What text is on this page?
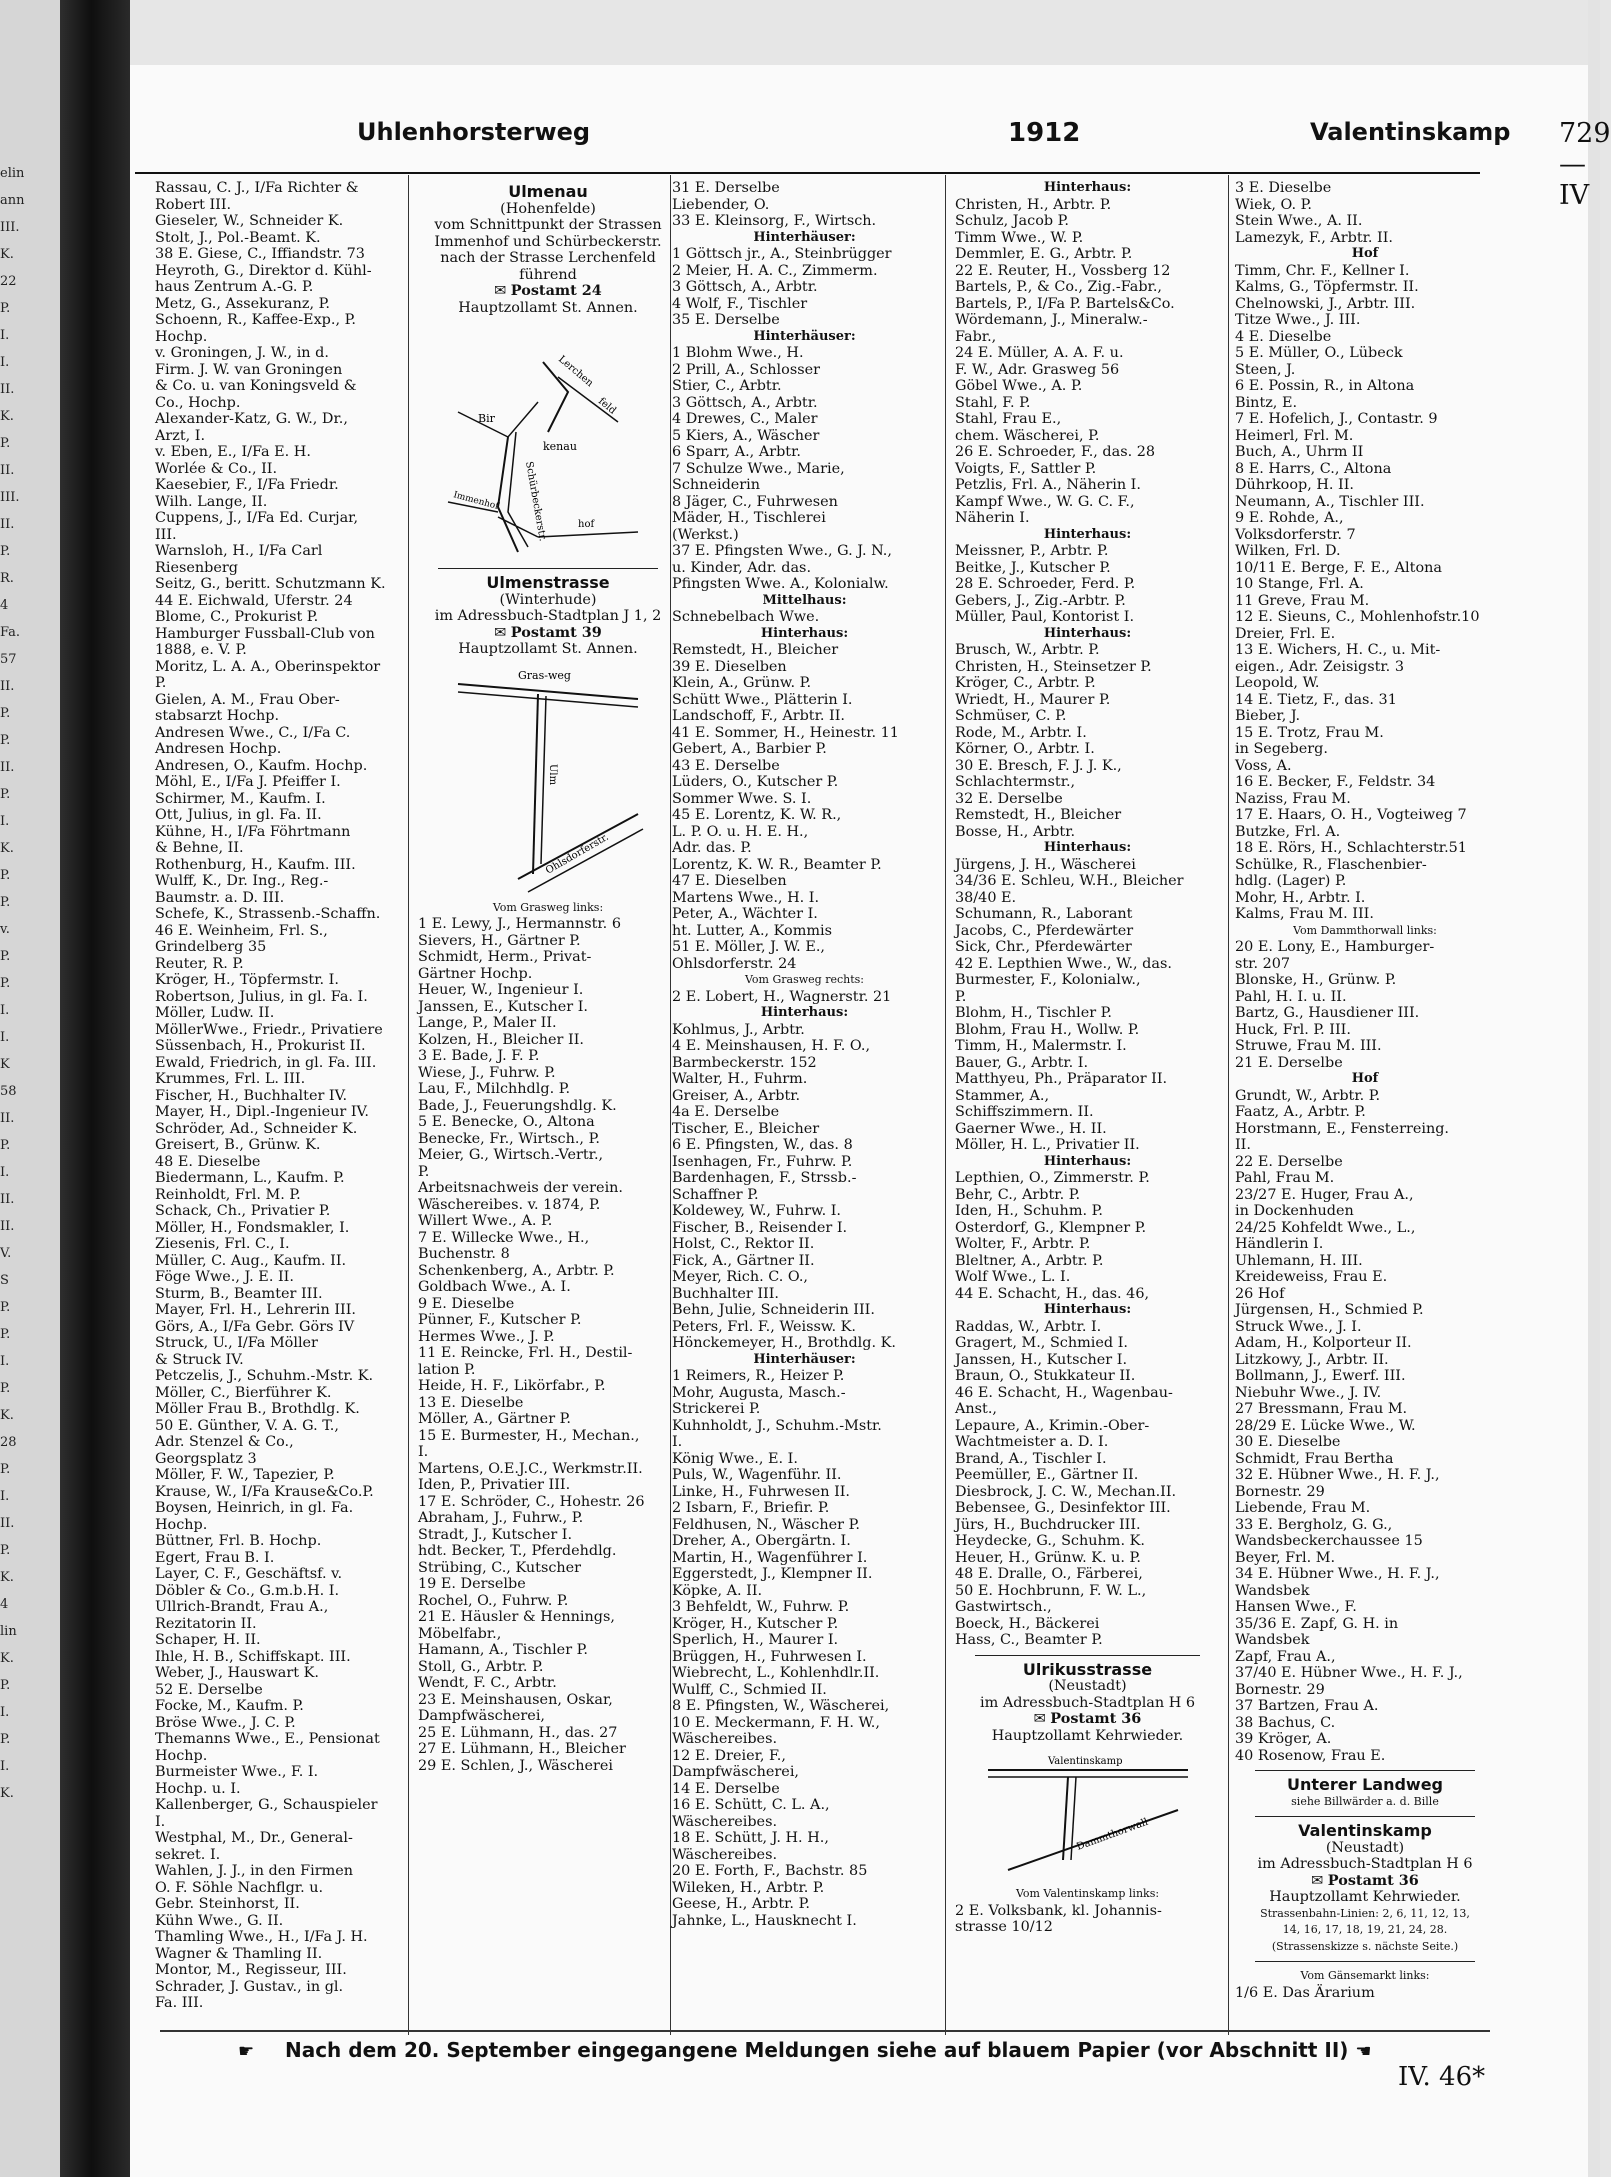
elin
ann
III.
K.
22
P.
I.
I.
II.
K.
P.
II.
III.
II.
P.
R.
4
Fa.
57
II.
P.
P.
II.
P.
I.
K.
P.
P.
v.
P.
P.
I.
I.
K
58
II.
P.
I.
II.
II.
V.
S
P.
P.
I.
P.
K.
28
P.
I.
II.
P.
K.
4
lin
K.
P.
I.
P.
I.
K.
Uhlenhorsterweg	1912	Valentinskamp 729—IV
Rassau, C. J., I/Fa Richter &
Robert III.
Gieseler, W., Schneider K.
Stolt, J., Pol.-Beamt. K.
38 E. Giese, C., Iffiandstr. 73
Heyroth, G., Direktor d. Kühl-
haus Zentrum A.-G. P.
Metz, G., Assekuranz, P.
Schoenn, R., Kaffee-Exp., P.
Hochp.
v. Groningen, J. W., in d.
Firm. J. W. van Groningen
& Co. u. van Koningsveld &
Co., Hochp.
Alexander-Katz, G. W., Dr.,
Arzt, I.
v. Eben, E., I/Fa E. H.
Worlée & Co., II.
Kaesebier, F., I/Fa Friedr.
Wilh. Lange, II.
Cuppens, J., I/Fa Ed. Curjar,
III.
Warnsloh, H., I/Fa Carl
Riesenberg
Seitz, G., beritt. Schutzmann K.
44 E. Eichwald, Uferstr. 24
Blome, C., Prokurist P.
Hamburger Fussball-Club von
1888, e. V. P.
Moritz, L. A. A., Oberinspektor
P.
Gielen, A. M., Frau Ober-
stabsarzt Hochp.
Andresen Wwe., C., I/Fa C.
Andresen Hochp.
Andresen, O., Kaufm. Hochp.
Möhl, E., I/Fa J. Pfeiffer I.
Schirmer, M., Kaufm. I.
Ott, Julius, in gl. Fa. II.
Kühne, H., I/Fa Föhrtmann
& Behne, II.
Rothenburg, H., Kaufm. III.
Wulff, K., Dr. Ing., Reg.-
Baumstr. a. D. III.
Schefe, K., Strassenb.-Schaffn.
46 E. Weinheim, Frl. S.,
Grindelberg 35
Reuter, R. P.
Kröger, H., Töpfermstr. I.
Robertson, Julius, in gl. Fa. I.
Möller, Ludw. II.
MöllerWwe., Friedr., Privatiere
Süssenbach, H., Prokurist II.
Ewald, Friedrich, in gl. Fa. III.
Krummes, Frl. L. III.
Fischer, H., Buchhalter IV.
Mayer, H., Dipl.-Ingenieur IV.
Schröder, Ad., Schneider K.
Greisert, B., Grünw. K.
48 E. Dieselbe
Biedermann, L., Kaufm. P.
Reinholdt, Frl. M. P.
Schack, Ch., Privatier P.
Möller, H., Fondsmakler, I.
Ziesenis, Frl. C., I.
Müller, C. Aug., Kaufm. II.
Föge Wwe., J. E. II.
Sturm, B., Beamter III.
Mayer, Frl. H., Lehrerin III.
Görs, A., I/Fa Gebr. Görs IV
Struck, U., I/Fa Möller
& Struck IV.
Petczelis, J., Schuhm.-Mstr. K.
Möller, C., Bierführer K.
Möller Frau B., Brothdlg. K.
50 E. Günther, V. A. G. T.,
Adr. Stenzel & Co.,
Georgsplatz 3
Möller, F. W., Tapezier, P.
Krause, W., I/Fa Krause&Co.P.
Boysen, Heinrich, in gl. Fa.
Hochp.
Büttner, Frl. B. Hochp.
Egert, Frau B. I.
Layer, C. F., Geschäftsf. v.
Döbler & Co., G.m.b.H. I.
Ullrich-Brandt, Frau A.,
Rezitatorin II.
Schaper, H. II.
Ihle, H. B., Schiffskapt. III.
Weber, J., Hauswart K.
52 E. Derselbe
Focke, M., Kaufm. P.
Bröse Wwe., J. C. P.
Themanns Wwe., E., Pensionat
Hochp.
Burmeister Wwe., F. I.
Hochp. u. I.
Kallenberger, G., Schauspieler
I.
Westphal, M., Dr., General-
sekret. I.
Wahlen, J. J., in den Firmen
O. F. Söhle Nachflgr. u.
Gebr. Steinhorst, II.
Kühn Wwe., G. II.
Thamling Wwe., H., I/Fa J. H.
Wagner & Thamling II.
Montor, M., Regisseur, III.
Schrader, J. Gustav., in gl.
Fa. III.
Ulmenau
(Hohenfelde)
vom Schnittpunkt der Strassen
Immenhof und Schürbeckerstr.
nach der Strasse Lerchenfeld
führend
✉ Postamt 24
Hauptzollamt St. Annen.
Lerchen
feld
Bir
kenau
Schürbeckerstr.
Immenhof
hof
Ulmenstrasse
(Winterhude)
im Adressbuch-Stadtplan J 1, 2
✉ Postamt 39
Hauptzollamt St. Annen.
Gras-weg
Ulm
Ohlsdorferstr.
Vom Grasweg links:
1 E. Lewy, J., Hermannstr. 6
Sievers, H., Gärtner P.
Schmidt, Herm., Privat-
Gärtner Hochp.
Heuer, W., Ingenieur I.
Janssen, E., Kutscher I.
Lange, P., Maler II.
Kolzen, H., Bleicher II.
3 E. Bade, J. F. P.
Wiese, J., Fuhrw. P.
Lau, F., Milchhdlg. P.
Bade, J., Feuerungshdlg. K.
5 E. Benecke, O., Altona
Benecke, Fr., Wirtsch., P.
Meier, G., Wirtsch.-Vertr.,
P.
Arbeitsnachweis der verein.
Wäschereibes. v. 1874, P.
Willert Wwe., A. P.
7 E. Willecke Wwe., H.,
Buchenstr. 8
Schenkenberg, A., Arbtr. P.
Goldbach Wwe., A. I.
9 E. Dieselbe
Pünner, F., Kutscher P.
Hermes Wwe., J. P.
11 E. Reincke, Frl. H., Destil-
lation P.
Heide, H. F., Likörfabr., P.
13 E. Dieselbe
Möller, A., Gärtner P.
15 E. Burmester, H., Mechan.,
I.
Martens, O.E.J.C., Werkmstr.II.
Iden, P., Privatier III.
17 E. Schröder, C., Hohestr. 26
Abraham, J., Fuhrw., P.
Stradt, J., Kutscher I.
hdt. Becker, T., Pferdehdlg.
Strübing, C., Kutscher
19 E. Derselbe
Rochel, O., Fuhrw. P.
21 E. Häusler & Hennings,
Möbelfabr.,
Hamann, A., Tischler P.
Stoll, G., Arbtr. P.
Wendt, F. C., Arbtr.
23 E. Meinshausen, Oskar,
Dampfwäscherei,
25 E. Lühmann, H., das. 27
27 E. Lühmann, H., Bleicher
29 E. Schlen, J., Wäscherei
31 E. Derselbe
Liebender, O.
33 E. Kleinsorg, F., Wirtsch.
Hinterhäuser:
1 Göttsch jr., A., Steinbrügger
2 Meier, H. A. C., Zimmerm.
3 Göttsch, A., Arbtr.
4 Wolf, F., Tischler
35 E. Derselbe
Hinterhäuser:
1 Blohm Wwe., H.
2 Prill, A., Schlosser
Stier, C., Arbtr.
3 Göttsch, A., Arbtr.
4 Drewes, C., Maler
5 Kiers, A., Wäscher
6 Sparr, A., Arbtr.
7 Schulze Wwe., Marie,
Schneiderin
8 Jäger, C., Fuhrwesen
Mäder, H., Tischlerei
(Werkst.)
37 E. Pfingsten Wwe., G. J. N.,
u. Kinder, Adr. das.
Pfingsten Wwe. A., Kolonialw.
Mittelhaus:
Schnebelbach Wwe.
Hinterhaus:
Remstedt, H., Bleicher
39 E. Dieselben
Klein, A., Grünw. P.
Schütt Wwe., Plätterin I.
Landschoff, F., Arbtr. II.
41 E. Sommer, H., Heinestr. 11
Gebert, A., Barbier P.
43 E. Derselbe
Lüders, O., Kutscher P.
Sommer Wwe. S. I.
45 E. Lorentz, K. W. R.,
L. P. O. u. H. E. H.,
Adr. das. P.
Lorentz, K. W. R., Beamter P.
47 E. Dieselben
Martens Wwe., H. I.
Peter, A., Wächter I.
ht. Lutter, A., Kommis
51 E. Möller, J. W. E.,
Ohlsdorferstr. 24
Vom Grasweg rechts:
2 E. Lobert, H., Wagnerstr. 21
Hinterhaus:
Kohlmus, J., Arbtr.
4 E. Meinshausen, H. F. O.,
Barmbeckerstr. 152
Walter, H., Fuhrm.
Greiser, A., Arbtr.
4a E. Derselbe
Tischer, E., Bleicher
6 E. Pfingsten, W., das. 8
Isenhagen, Fr., Fuhrw. P.
Bardenhagen, F., Strssb.-
Schaffner P.
Koldewey, W., Fuhrw. I.
Fischer, B., Reisender I.
Holst, C., Rektor II.
Fick, A., Gärtner II.
Meyer, Rich. C. O.,
Buchhalter III.
Behn, Julie, Schneiderin III.
Peters, Frl. F., Weissw. K.
Hönckemeyer, H., Brothdlg. K.
Hinterhäuser:
1 Reimers, R., Heizer P.
Mohr, Augusta, Masch.-
Strickerei P.
Kuhnholdt, J., Schuhm.-Mstr.
I.
König Wwe., E. I.
Puls, W., Wagenführ. II.
Linke, H., Fuhrwesen II.
2 Isbarn, F., Briefir. P.
Feldhusen, N., Wäscher P.
Dreher, A., Obergärtn. I.
Martin, H., Wagenführer I.
Eggerstedt, J., Klempner II.
Köpke, A. II.
3 Behfeldt, W., Fuhrw. P.
Kröger, H., Kutscher P.
Sperlich, H., Maurer I.
Brüggen, H., Fuhrwesen I.
Wiebrecht, L., Kohlenhdlr.II.
Wulff, C., Schmied II.
8 E. Pfingsten, W., Wäscherei,
10 E. Meckermann, F. H. W.,
Wäschereibes.
12 E. Dreier, F.,
Dampfwäscherei,
14 E. Derselbe
16 E. Schütt, C. L. A.,
Wäschereibes.
18 E. Schütt, J. H. H.,
Wäschereibes.
20 E. Forth, F., Bachstr. 85
Wileken, H., Arbtr. P.
Geese, H., Arbtr. P.
Jahnke, L., Hausknecht I.
Hinterhaus:
Christen, H., Arbtr. P.
Schulz, Jacob P.
Timm Wwe., W. P.
Demmler, E. G., Arbtr. P.
22 E. Reuter, H., Vossberg 12
Bartels, P., & Co., Zig.-Fabr.,
Bartels, P., I/Fa P. Bartels&Co.
Wördemann, J., Mineralw.-
Fabr.,
24 E. Müller, A. A. F. u.
F. W., Adr. Grasweg 56
Göbel Wwe., A. P.
Stahl, F. P.
Stahl, Frau E.,
chem. Wäscherei, P.
26 E. Schroeder, F., das. 28
Voigts, F., Sattler P.
Petzlis, Frl. A., Näherin I.
Kampf Wwe., W. G. C. F.,
Näherin I.
Hinterhaus:
Meissner, P., Arbtr. P.
Beitke, J., Kutscher P.
28 E. Schroeder, Ferd. P.
Gebers, J., Zig.-Arbtr. P.
Müller, Paul, Kontorist I.
Hinterhaus:
Brusch, W., Arbtr. P.
Christen, H., Steinsetzer P.
Kröger, C., Arbtr. P.
Wriedt, H., Maurer P.
Schmüser, C. P.
Rode, M., Arbtr. I.
Körner, O., Arbtr. I.
30 E. Bresch, F. J. J. K.,
Schlachtermstr.,
32 E. Derselbe
Remstedt, H., Bleicher
Bosse, H., Arbtr.
Hinterhaus:
Jürgens, J. H., Wäscherei
34/36 E. Schleu, W.H., Bleicher
38/40 E.
Schumann, R., Laborant
Jacobs, C., Pferdewärter
Sick, Chr., Pferdewärter
42 E. Lepthien Wwe., W., das.
Burmester, F., Kolonialw.,
P.
Blohm, H., Tischler P.
Blohm, Frau H., Wollw. P.
Timm, H., Malermstr. I.
Bauer, G., Arbtr. I.
Matthyeu, Ph., Präparator II.
Stammer, A.,
Schiffszimmern. II.
Gaerner Wwe., H. II.
Möller, H. L., Privatier II.
Hinterhaus:
Lepthien, O., Zimmerstr. P.
Behr, C., Arbtr. P.
Iden, H., Schuhm. P.
Osterdorf, G., Klempner P.
Wolter, F., Arbtr. P.
Bleltner, A., Arbtr. P.
Wolf Wwe., L. I.
44 E. Schacht, H., das. 46,
Hinterhaus:
Raddas, W., Arbtr. I.
Gragert, M., Schmied I.
Janssen, H., Kutscher I.
Braun, O., Stukkateur II.
46 E. Schacht, H., Wagenbau-
Anst.,
Lepaure, A., Krimin.-Ober-
Wachtmeister a. D. I.
Brand, A., Tischler I.
Peemüller, E., Gärtner II.
Diesbrock, J. C. W., Mechan.II.
Bebensee, G., Desinfektor III.
Jürs, H., Buchdrucker III.
Heydecke, G., Schuhm. K.
Heuer, H., Grünw. K. u. P.
48 E. Dralle, O., Färberei,
50 E. Hochbrunn, F. W. L.,
Gastwirtsch.,
Boeck, H., Bäckerei
Hass, C., Beamter P.
Ulrikusstrasse
(Neustadt)
im Adressbuch-Stadtplan H 6
✉ Postamt 36
Hauptzollamt Kehrwieder.
Valentinskamp
Dammthorwall
Vom Valentinskamp links:
2 E. Volksbank, kl. Johannis-
strasse 10/12
3 E. Dieselbe
Wiek, O. P.
Stein Wwe., A. II.
Lamezyk, F., Arbtr. II.
Hof
Timm, Chr. F., Kellner I.
Kalms, G., Töpfermstr. II.
Chelnowski, J., Arbtr. III.
Titze Wwe., J. III.
4 E. Dieselbe
5 E. Müller, O., Lübeck
Steen, J.
6 E. Possin, R., in Altona
Bintz, E.
7 E. Hofelich, J., Contastr. 9
Heimerl, Frl. M.
Buch, A., Uhrm II
8 E. Harrs, C., Altona
Dührkoop, H. II.
Neumann, A., Tischler III.
9 E. Rohde, A.,
Volksdorferstr. 7
Wilken, Frl. D.
10/11 E. Berge, F. E., Altona
10 Stange, Frl. A.
11 Greve, Frau M.
12 E. Sieuns, C., Mohlenhofstr.10
Dreier, Frl. E.
13 E. Wichers, H. C., u. Mit-
eigen., Adr. Zeisigstr. 3
Leopold, W.
14 E. Tietz, F., das. 31
Bieber, J.
15 E. Trotz, Frau M.
in Segeberg.
Voss, A.
16 E. Becker, F., Feldstr. 34
Naziss, Frau M.
17 E. Haars, O. H., Vogteiweg 7
Butzke, Frl. A.
18 E. Rörs, H., Schlachterstr.51
Schülke, R., Flaschenbier-
hdlg. (Lager) P.
Mohr, H., Arbtr. I.
Kalms, Frau M. III.
Vom Dammthorwall links:
20 E. Lony, E., Hamburger-
str. 207
Blonske, H., Grünw. P.
Pahl, H. I. u. II.
Bartz, G., Hausdiener III.
Huck, Frl. P. III.
Struwe, Frau M. III.
21 E. Derselbe
Hof
Grundt, W., Arbtr. P.
Faatz, A., Arbtr. P.
Horstmann, E., Fensterreing.
II.
22 E. Derselbe
Pahl, Frau M.
23/27 E. Huger, Frau A.,
in Dockenhuden
24/25 Kohfeldt Wwe., L.,
Händlerin I.
Uhlemann, H. III.
Kreideweiss, Frau E.
26 Hof
Jürgensen, H., Schmied P.
Struck Wwe., J. I.
Adam, H., Kolporteur II.
Litzkowy, J., Arbtr. II.
Bollmann, J., Ewerf. III.
Niebuhr Wwe., J. IV.
27 Bressmann, Frau M.
28/29 E. Lücke Wwe., W.
30 E. Dieselbe
Schmidt, Frau Bertha
32 E. Hübner Wwe., H. F. J.,
Bornestr. 29
Liebende, Frau M.
33 E. Bergholz, G. G.,
Wandsbeckerchaussee 15
Beyer, Frl. M.
34 E. Hübner Wwe., H. F. J.,
Wandsbek
Hansen Wwe., F.
35/36 E. Zapf, G. H. in
Wandsbek
Zapf, Frau A.,
37/40 E. Hübner Wwe., H. F. J.,
Bornestr. 29
37 Bartzen, Frau A.
38 Bachus, C.
39 Kröger, A.
40 Rosenow, Frau E.
Unterer Landweg
siehe Billwärder a. d. Bille
Valentinskamp
(Neustadt)
im Adressbuch-Stadtplan H 6
✉ Postamt 36
Hauptzollamt Kehrwieder.
Strassenbahn-Linien: 2, 6, 11, 12, 13,
14, 16, 17, 18, 19, 21, 24, 28.
(Strassenskizze s. nächste Seite.)
Vom Gänsemarkt links:
1/6 E. Das Ärarium
☛ Nach dem 20. September eingegangene Meldungen siehe auf blauem Papier (vor Abschnitt II) ☚
IV. 46*
